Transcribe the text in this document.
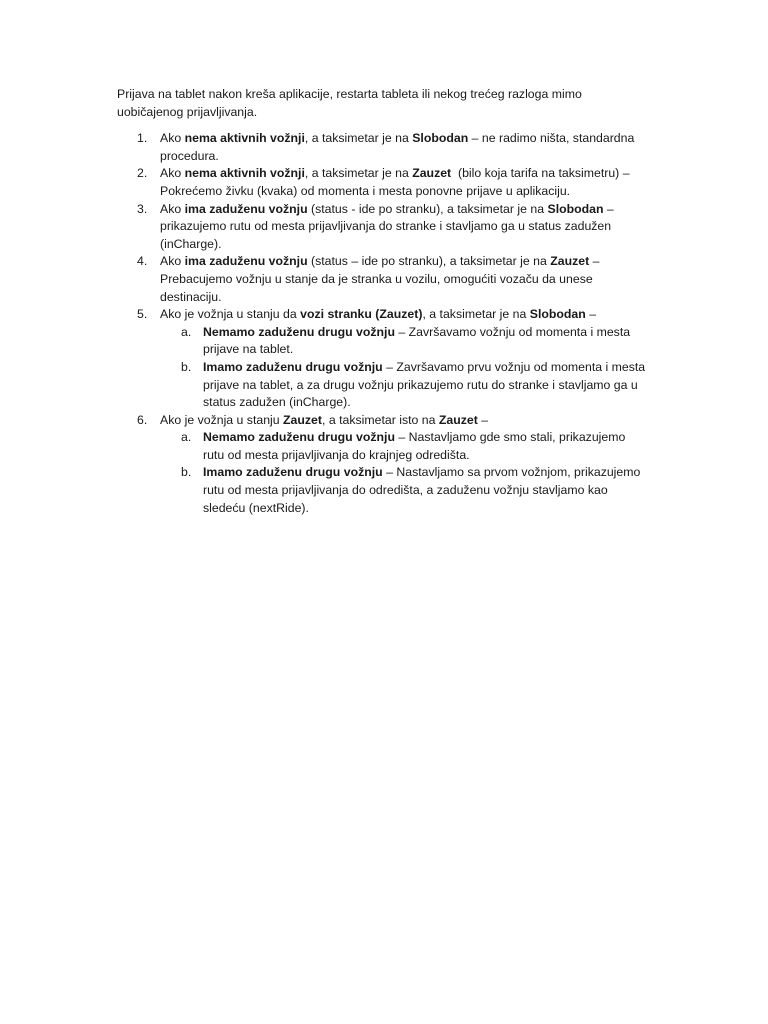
Prijava na tablet nakon kreša aplikacije, restarta tableta ili nekog trećeg razloga mimo uobičajenog prijavljivanja.

1. Ako nema aktivnih vožnji, a taksimetar je na Slobodan – ne radimo ništa, standardna procedura.
2. Ako nema aktivnih vožnji, a taksimetar je na Zauzet  (bilo koja tarifa na taksimetru) – Pokrećemo živku (kvaka) od momenta i mesta ponovne prijave u aplikaciju.
3. Ako ima zaduženu vožnju (status - ide po stranku), a taksimetar je na Slobodan – prikazujemo rutu od mesta prijavljivanja do stranke i stavljamo ga u status zadužen (inCharge).
4. Ako ima zaduženu vožnju (status – ide po stranku), a taksimetar je na Zauzet – Prebacujemo vožnju u stanje da je stranka u vozilu, omogućiti vozaču da unese destinaciju.
5. Ako je vožnja u stanju da vozi stranku (Zauzet), a taksimetar je na Slobodan –
a. Nemamo zaduženu drugu vožnju – Završavamo vožnju od momenta i mesta prijave na tablet.
b. Imamo zaduženu drugu vožnju – Završavamo prvu vožnju od momenta i mesta prijave na tablet, a za drugu vožnju prikazujemo rutu do stranke i stavljamo ga u status zadužen (inCharge).
6. Ako je vožnja u stanju Zauzet, a taksimetar isto na Zauzet –
a. Nemamo zaduženu drugu vožnju – Nastavljamo gde smo stali, prikazujemo rutu od mesta prijavljivanja do krajnjeg odredišta.
b. Imamo zaduženu drugu vožnju – Nastavljamo sa prvom vožnjom, prikazujemo rutu od mesta prijavljivanja do odredišta, a zaduženu vožnju stavljamo kao sledeću (nextRide).
